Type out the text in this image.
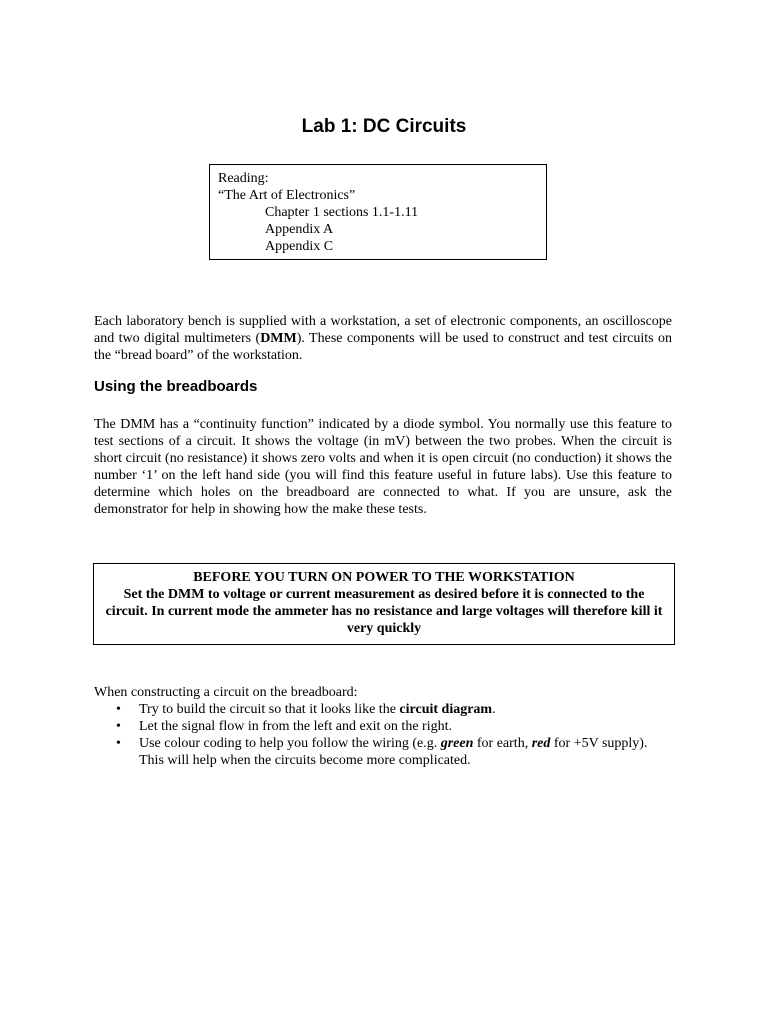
Lab 1: DC Circuits
Reading:
“The Art of Electronics”
Chapter 1 sections 1.1-1.11
Appendix A
Appendix C

Each laboratory bench is supplied with a workstation, a set of electronic components, an oscilloscope and two digital multimeters (DMM). These components will be used to construct and test circuits on the “bread board” of the workstation.

Using the breadboards

The DMM has a “continuity function” indicated by a diode symbol. You normally use this feature to test sections of a circuit. It shows the voltage (in mV) between the two probes. When the circuit is short circuit (no resistance) it shows zero volts and when it is open circuit (no conduction) it shows the number ‘1’ on the left hand side (you will find this feature useful in future labs). Use this feature to determine which holes on the breadboard are connected to what. If you are unsure, ask the demonstrator for help in showing how the make these tests.

BEFORE YOU TURN ON POWER TO THE WORKSTATION
Set the DMM to voltage or current measurement as desired before it is connected to the circuit. In current mode the ammeter has no resistance and large voltages will therefore kill it very quickly

When constructing a circuit on the breadboard:

• Try to build the circuit so that it looks like the circuit diagram.
• Let the signal flow in from the left and exit on the right.
• Use colour coding to help you follow the wiring (e.g. green for earth, red for +5V supply). This will help when the circuits become more complicated.
